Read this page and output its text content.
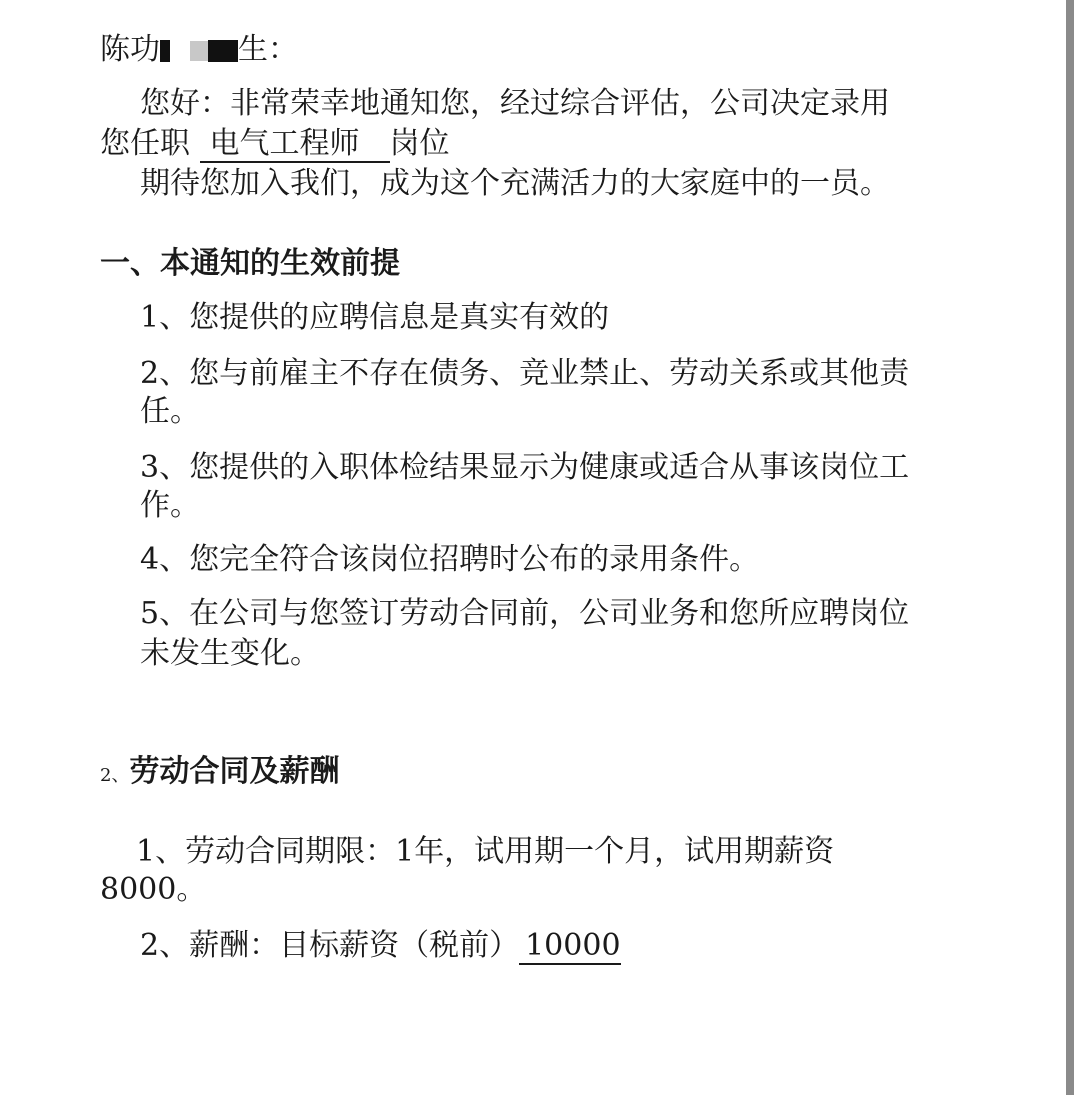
陈功	生：
您好：非常荣幸地通知您，经过综合评估，公司决定录用
您任职 电气工程师 岗位
期待您加入我们，成为这个充满活力的大家庭中的一员。
一、本通知的生效前提
1、您提供的应聘信息是真实有效的
2、您与前雇主不存在债务、竞业禁止、劳动关系或其他责
任。
3、您提供的入职体检结果显示为健康或适合从事该岗位工
作。
4、您完全符合该岗位招聘时公布的录用条件。
5、在公司与您签订劳动合同前，公司业务和您所应聘岗位
未发生变化。
2、劳动合同及薪酬
1、劳动合同期限：1年，试用期一个月，试用期薪资
8000。
2、薪酬：目标薪资（税前） 10000
